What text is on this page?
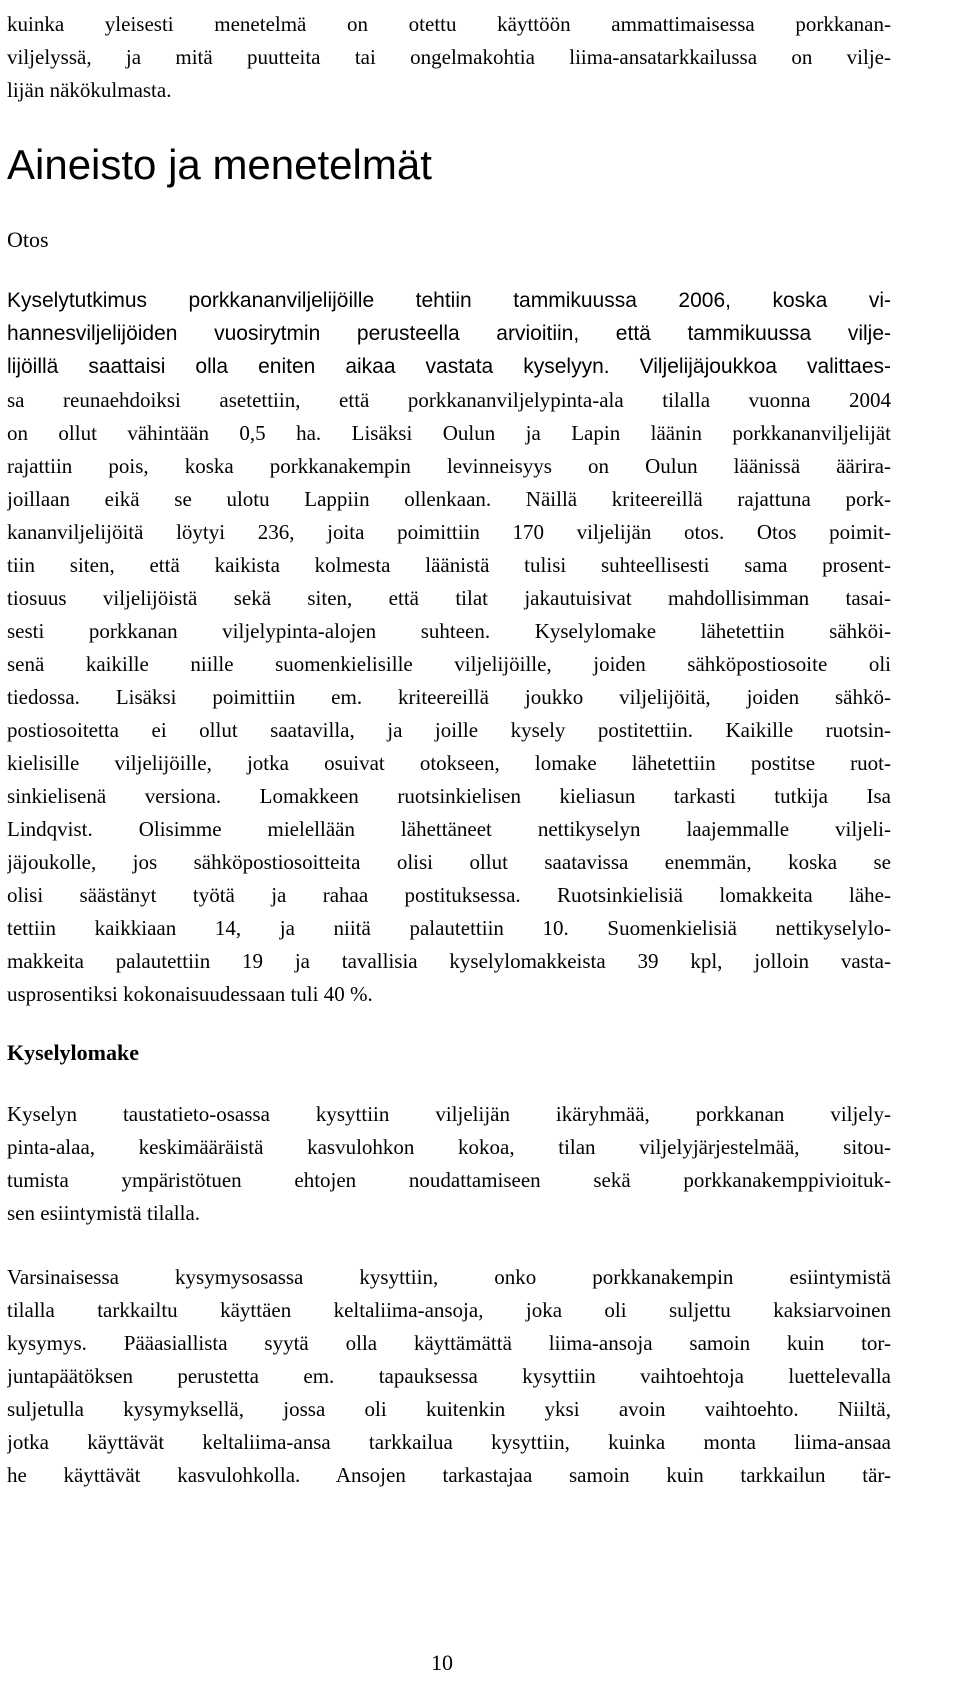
kuinka yleisesti menetelmä on otettu käyttöön ammattimaisessa porkkanan-
viljelyssä, ja mitä puutteita tai ongelmakohtia liima-ansatarkkailussa on vilje-
lijän näkökulmasta.
Aineisto ja menetelmät
Otos
Kyselytutkimus porkkananviljelijöille tehtiin tammikuussa 2006, koska vi-
hannesviljelijöiden vuosirytmin perusteella arvioitiin, että tammikuussa vilje-
lijöillä saattaisi olla eniten aikaa vastata kyselyyn. Viljelijäjoukkoa valittaes-
sa reunaehdoiksi asetettiin, että porkkananviljelypinta-ala tilalla vuonna 2004
on ollut vähintään 0,5 ha. Lisäksi Oulun ja Lapin läänin porkkananviljelijät
rajattiin pois, koska porkkanakempin levinneisyys on Oulun läänissä äärira-
joillaan eikä se ulotu Lappiin ollenkaan. Näillä kriteereillä rajattuna pork-
kananviljelijöitä löytyi 236, joita poimittiin 170 viljelijän otos. Otos poimit-
tiin siten, että kaikista kolmesta läänistä tulisi suhteellisesti sama prosent-
tiosuus viljelijöistä sekä siten, että tilat jakautuisivat mahdollisimman tasai-
sesti porkkanan viljelypinta-alojen suhteen. Kyselylomake lähetettiin sähköi-
senä kaikille niille suomenkielisille viljelijöille, joiden sähköpostiosoite oli
tiedossa. Lisäksi poimittiin em. kriteereillä joukko viljelijöitä, joiden sähkö-
postiosoitetta ei ollut saatavilla, ja joille kysely postitettiin. Kaikille ruotsin-
kielisille viljelijöille, jotka osuivat otokseen, lomake lähetettiin postitse ruot-
sinkielisenä versiona. Lomakkeen ruotsinkielisen kieliasun tarkasti tutkija Isa
Lindqvist. Olisimme mielellään lähettäneet nettikyselyn laajemmalle viljeli-
jäjoukolle, jos sähköpostiosoitteita olisi ollut saatavissa enemmän, koska se
olisi säästänyt työtä ja rahaa postituksessa. Ruotsinkielisiä lomakkeita lähe-
tettiin kaikkiaan 14, ja niitä palautettiin 10. Suomenkielisiä nettikyselylo-
makkeita palautettiin 19 ja tavallisia kyselylomakkeista 39 kpl, jolloin vasta-
usprosentiksi kokonaisuudessaan tuli 40 %.
Kyselylomake
Kyselyn taustatieto-osassa kysyttiin viljelijän ikäryhmää, porkkanan viljely-
pinta-alaa, keskimääräistä kasvulohkon kokoa, tilan viljelyjärjestelmää, sitou-
tumista ympäristötuen ehtojen noudattamiseen sekä porkkanakemppivioituk-
sen esiintymistä tilalla.
Varsinaisessa kysymysosassa kysyttiin, onko porkkanakempin esiintymistä
tilalla tarkkailtu käyttäen keltaliima-ansoja, joka oli suljettu kaksiarvoinen
kysymys. Pääasiallista syytä olla käyttämättä liima-ansoja samoin kuin tor-
juntapäätöksen perustetta em. tapauksessa kysyttiin vaihtoehtoja luettelevalla
suljetulla kysymyksellä, jossa oli kuitenkin yksi avoin vaihtoehto. Niiltä,
jotka käyttävät keltaliima-ansa tarkkailua kysyttiin, kuinka monta liima-ansaa
he käyttävät kasvulohkolla. Ansojen tarkastajaa samoin kuin tarkkailun tär-
10
